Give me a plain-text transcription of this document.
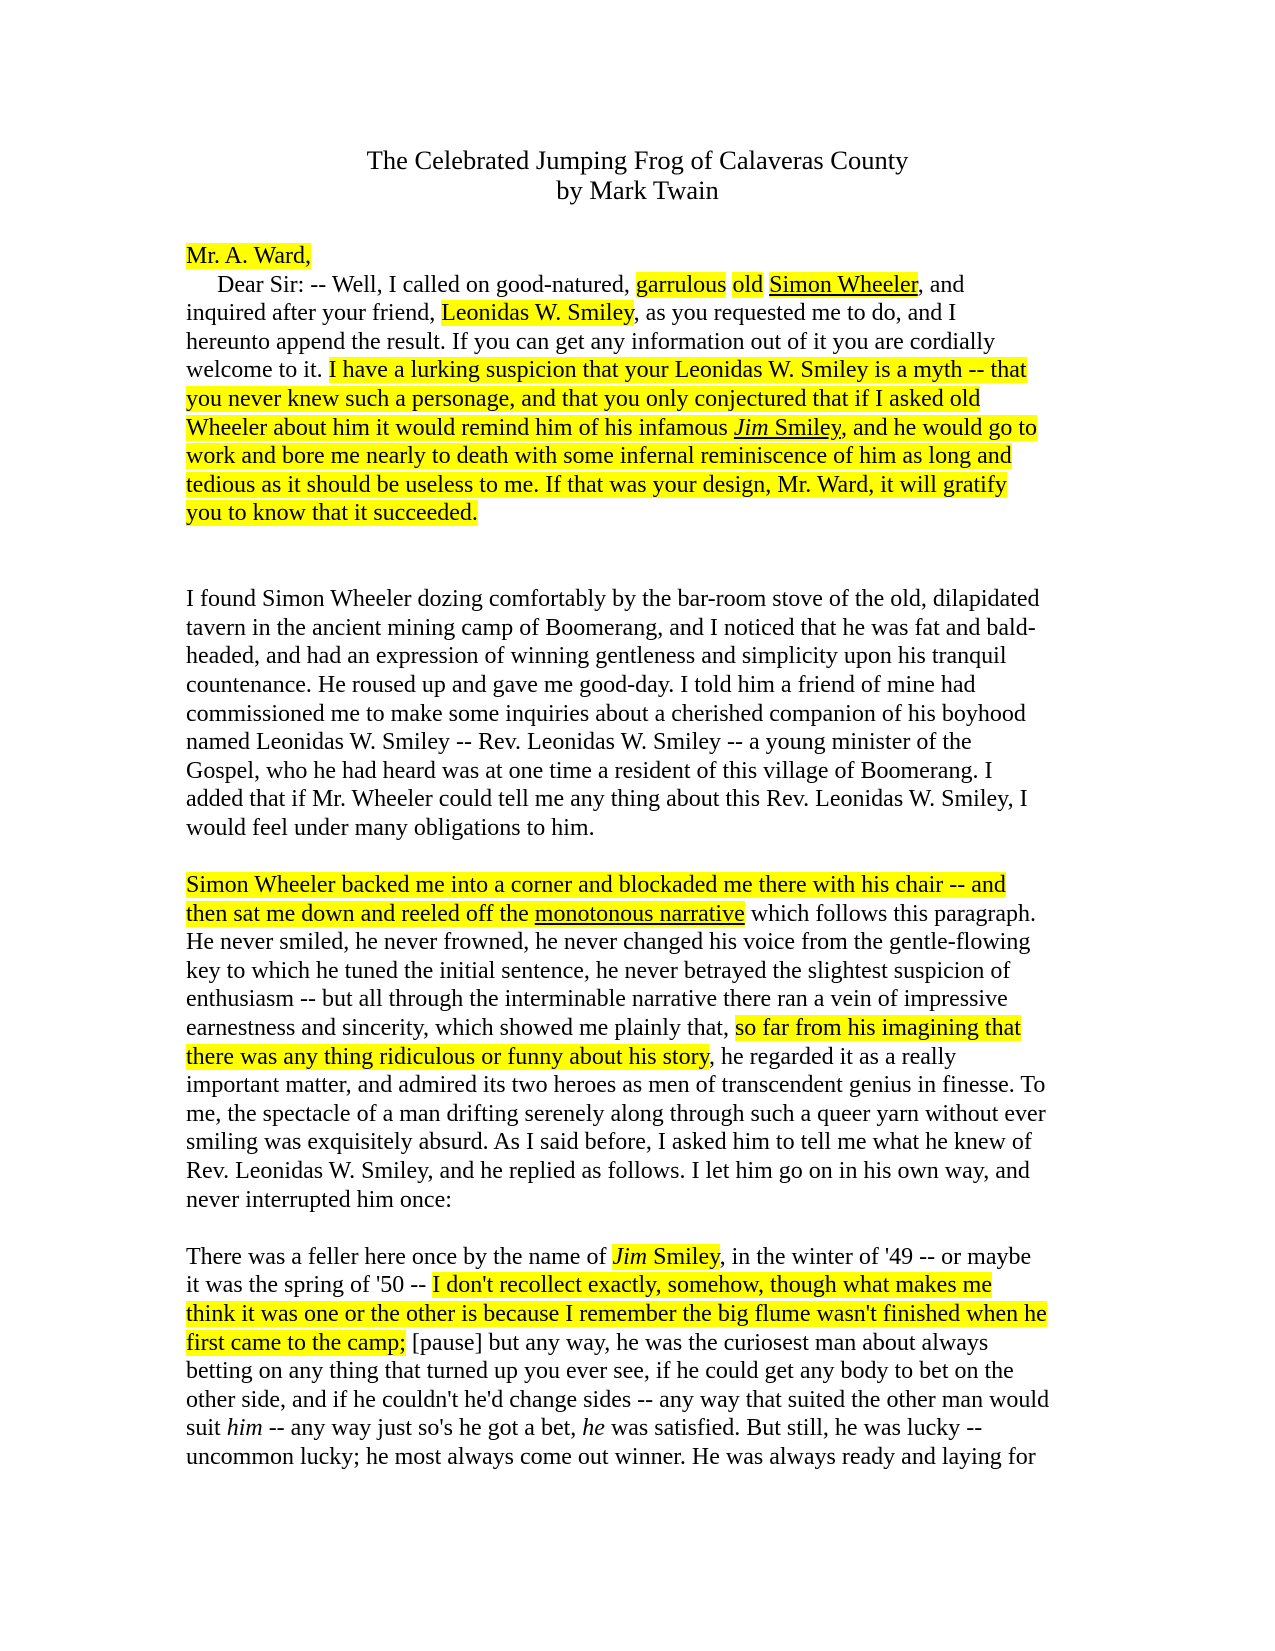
The Celebrated Jumping Frog of Calaveras County
by Mark Twain
Mr. A. Ward,
Dear Sir: -- Well, I called on good-natured, garrulous old Simon Wheeler, and
inquired after your friend, Leonidas W. Smiley, as you requested me to do, and I
hereunto append the result. If you can get any information out of it you are cordially
welcome to it. I have a lurking suspicion that your Leonidas W. Smiley is a myth -- that
you never knew such a personage, and that you only conjectured that if I asked old
Wheeler about him it would remind him of his infamous Jim Smiley, and he would go to
work and bore me nearly to death with some infernal reminiscence of him as long and
tedious as it should be useless to me. If that was your design, Mr. Ward, it will gratify
you to know that it succeeded.
I found Simon Wheeler dozing comfortably by the bar-room stove of the old, dilapidated
tavern in the ancient mining camp of Boomerang, and I noticed that he was fat and bald-
headed, and had an expression of winning gentleness and simplicity upon his tranquil
countenance. He roused up and gave me good-day. I told him a friend of mine had
commissioned me to make some inquiries about a cherished companion of his boyhood
named Leonidas W. Smiley -- Rev. Leonidas W. Smiley -- a young minister of the
Gospel, who he had heard was at one time a resident of this village of Boomerang. I
added that if Mr. Wheeler could tell me any thing about this Rev. Leonidas W. Smiley, I
would feel under many obligations to him.
Simon Wheeler backed me into a corner and blockaded me there with his chair -- and
then sat me down and reeled off the monotonous narrative which follows this paragraph.
He never smiled, he never frowned, he never changed his voice from the gentle-flowing
key to which he tuned the initial sentence, he never betrayed the slightest suspicion of
enthusiasm -- but all through the interminable narrative there ran a vein of impressive
earnestness and sincerity, which showed me plainly that, so far from his imagining that
there was any thing ridiculous or funny about his story, he regarded it as a really
important matter, and admired its two heroes as men of transcendent genius in finesse. To
me, the spectacle of a man drifting serenely along through such a queer yarn without ever
smiling was exquisitely absurd. As I said before, I asked him to tell me what he knew of
Rev. Leonidas W. Smiley, and he replied as follows. I let him go on in his own way, and
never interrupted him once:
There was a feller here once by the name of Jim Smiley, in the winter of '49 -- or maybe
it was the spring of '50 -- I don't recollect exactly, somehow, though what makes me
think it was one or the other is because I remember the big flume wasn't finished when he
first came to the camp; [pause] but any way, he was the curiosest man about always
betting on any thing that turned up you ever see, if he could get any body to bet on the
other side, and if he couldn't he'd change sides -- any way that suited the other man would
suit him -- any way just so's he got a bet, he was satisfied. But still, he was lucky --
uncommon lucky; he most always come out winner. He was always ready and laying for
